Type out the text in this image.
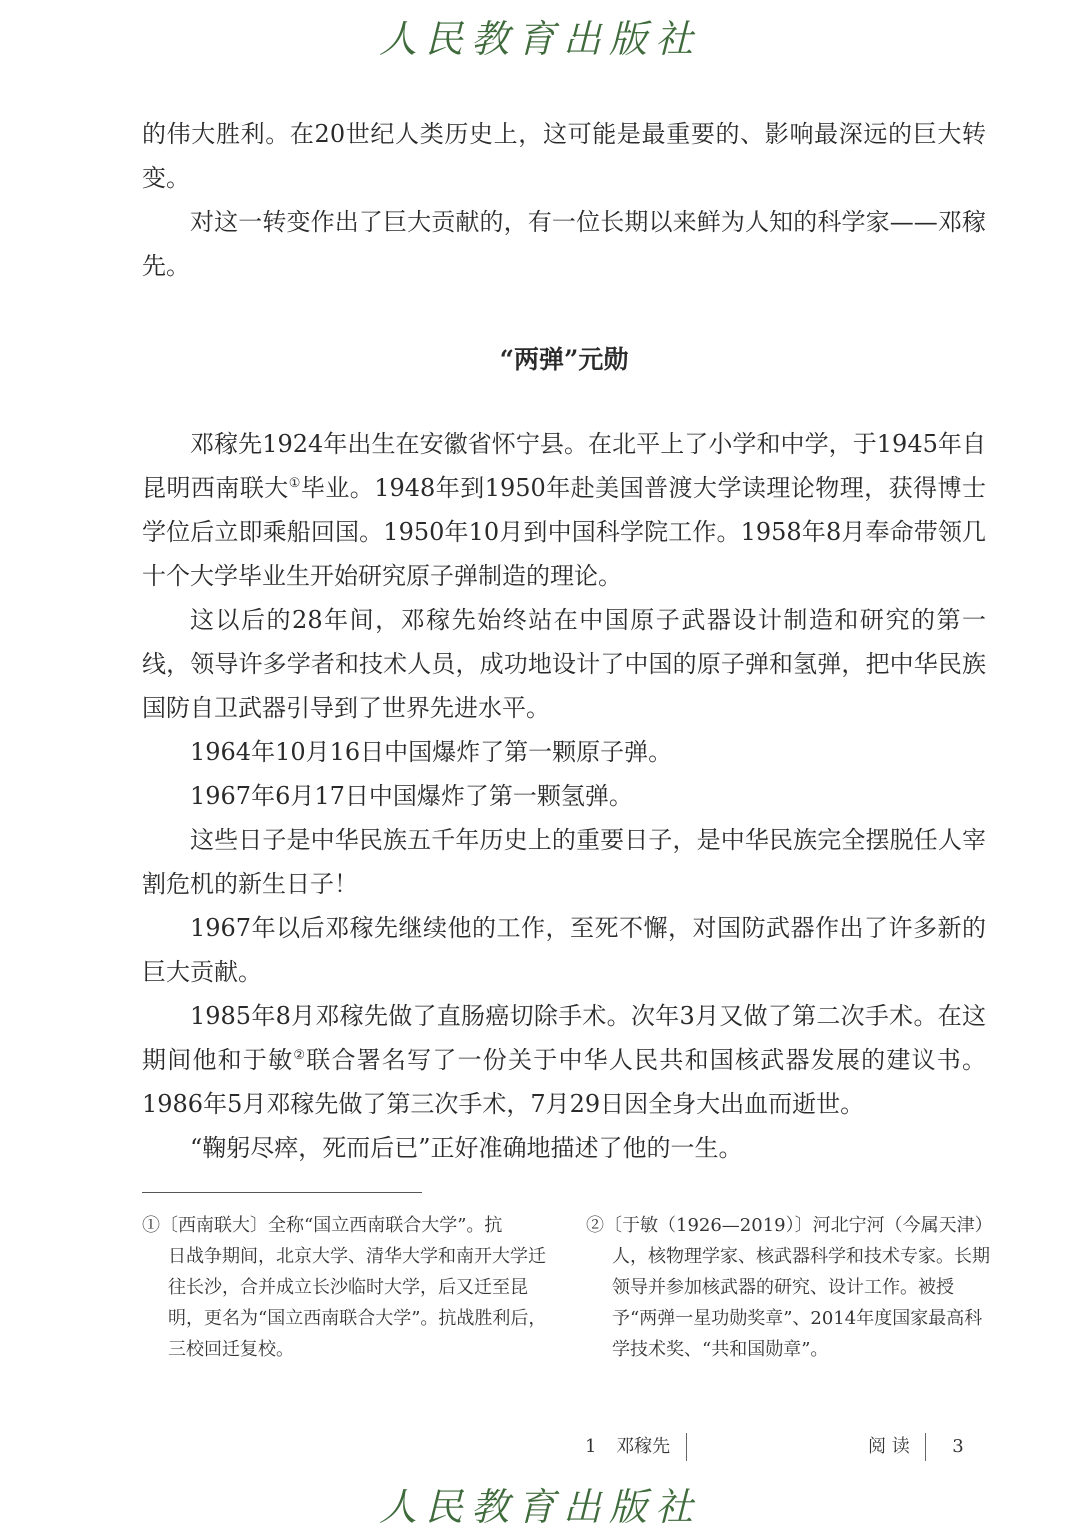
人民教育出版社

的伟大胜利。在20世纪人类历史上，这可能是最重要的、影响最深远的巨大转变。

对这一转变作出了巨大贡献的，有一位长期以来鲜为人知的科学家——邓稼先。

“两弹”元勋

邓稼先1924年出生在安徽省怀宁县。在北平上了小学和中学，于1945年自昆明西南联大①毕业。1948年到1950年赴美国普渡大学读理论物理，获得博士学位后立即乘船回国。1950年10月到中国科学院工作。1958年8月奉命带领几十个大学毕业生开始研究原子弹制造的理论。

这以后的28年间，邓稼先始终站在中国原子武器设计制造和研究的第一线，领导许多学者和技术人员，成功地设计了中国的原子弹和氢弹，把中华民族国防自卫武器引导到了世界先进水平。

1964年10月16日中国爆炸了第一颗原子弹。

1967年6月17日中国爆炸了第一颗氢弹。

这些日子是中华民族五千年历史上的重要日子，是中华民族完全摆脱任人宰割危机的新生日子！

1967年以后邓稼先继续他的工作，至死不懈，对国防武器作出了许多新的巨大贡献。

1985年8月邓稼先做了直肠癌切除手术。次年3月又做了第二次手术。在这期间他和于敏②联合署名写了一份关于中华人民共和国核武器发展的建议书。1986年5月邓稼先做了第三次手术，7月29日因全身大出血而逝世。

“鞠躬尽瘁，死而后已”正好准确地描述了他的一生。

①〔西南联大〕全称“国立西南联合大学”。抗
日战争期间，北京大学、清华大学和南开大学迁往长沙，合并成立长沙临时大学，后又迁至昆明，更名为“国立西南联合大学”。抗战胜利后，三校回迁复校。
②〔于敏（1926—2019）〕河北宁河（今属天津）
人，核物理学家、核武器科学和技术专家。长期领导并参加核武器的研究、设计工作。被授予“两弹一星功勋奖章”、2014年度国家最高科学技术奖、“共和国勋章”。
1 邓稼先	阅 读 3
人民教育出版社
